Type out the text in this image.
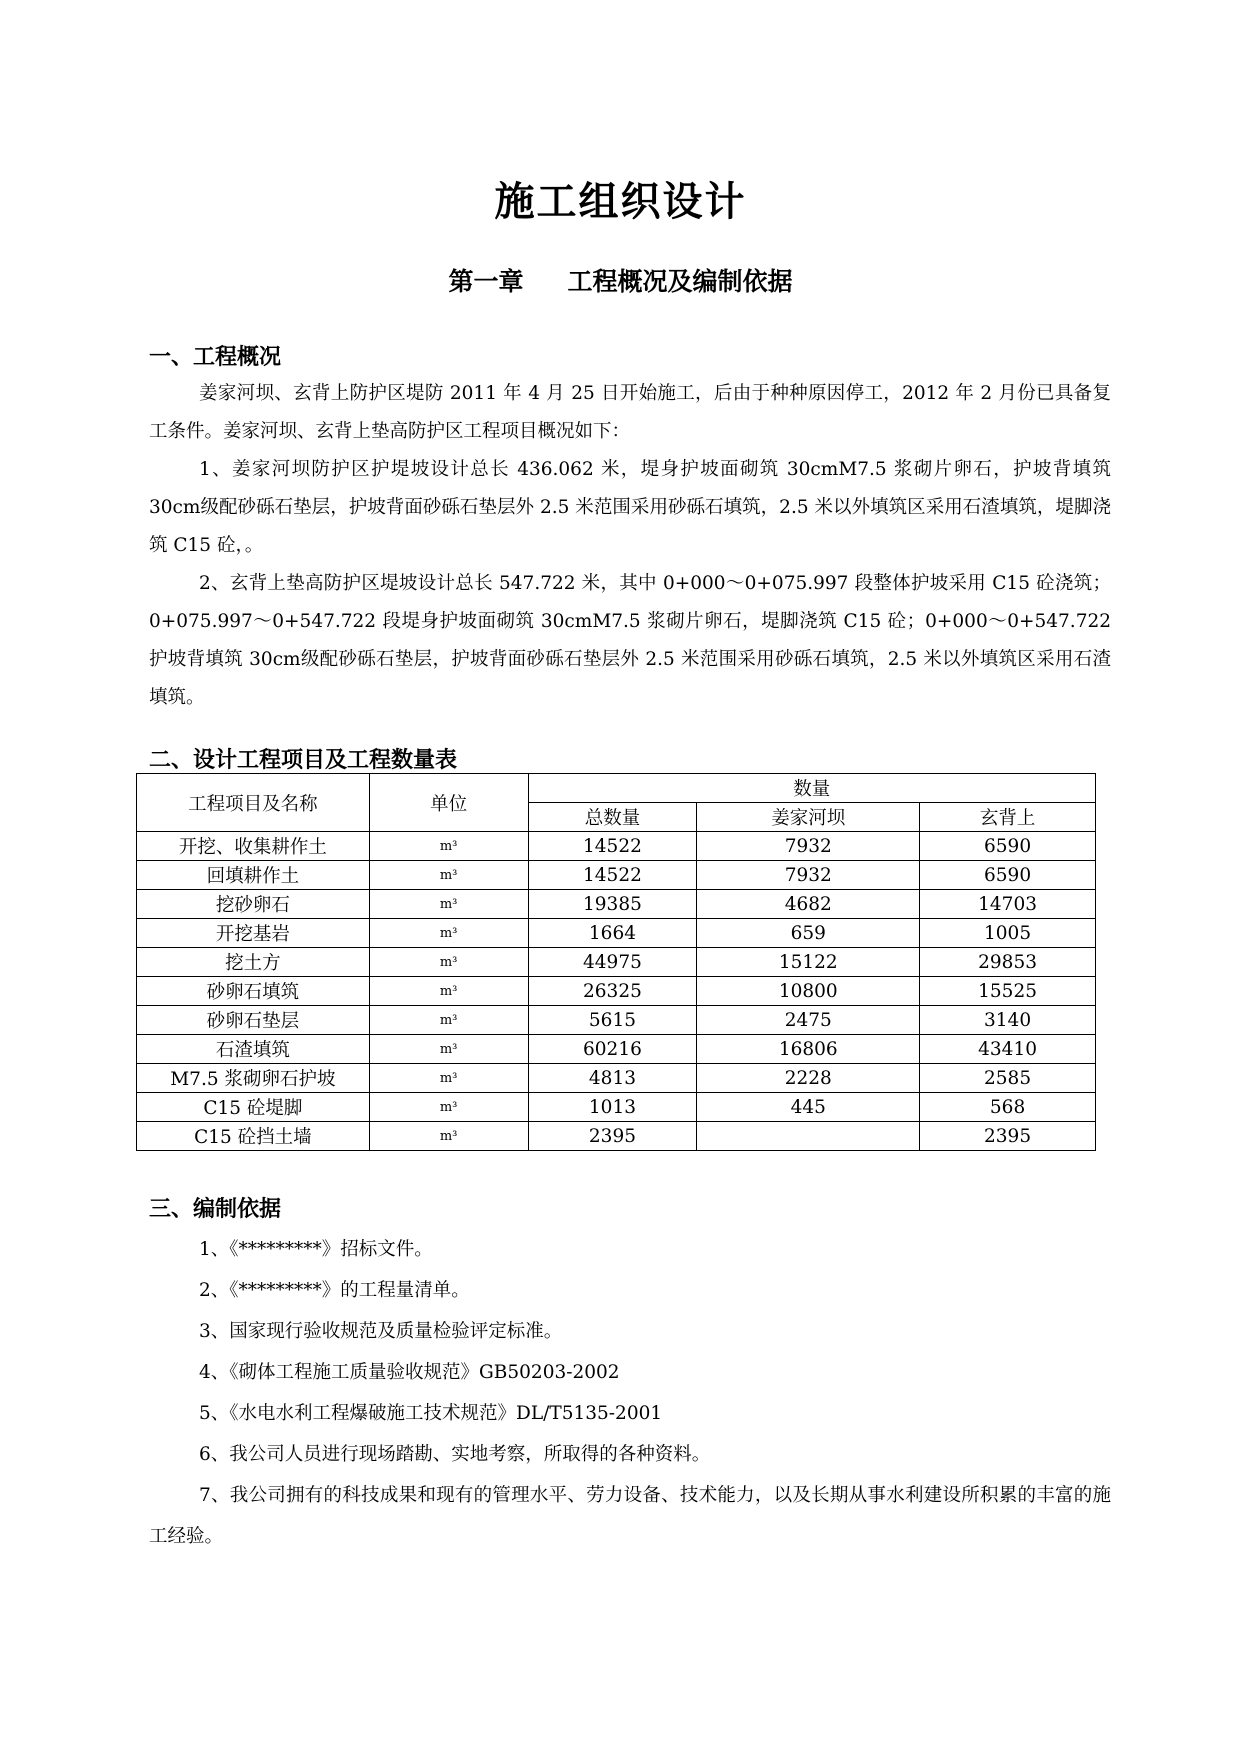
施工组织设计
第一章 工程概况及编制依据
一、工程概况

姜家河坝、玄背上防护区堤防 2011 年 4 月 25 日开始施工，后由于种种原因停工，2012 年 2 月份已具备复工条件。姜家河坝、玄背上垫高防护区工程项目概况如下：

1、姜家河坝防护区护堤坡设计总长 436.062 米，堤身护坡面砌筑 30cmM7.5 浆砌片卵石，护坡背填筑 30cm级配砂砾石垫层，护坡背面砂砾石垫层外 2.5 米范围采用砂砾石填筑，2.5 米以外填筑区采用石渣填筑，堤脚浇筑 C15 砼，。

2、玄背上垫高防护区堤坡设计总长 547.722 米，其中 0+000～0+075.997 段整体护坡采用 C15 砼浇筑；0+075.997～0+547.722 段堤身护坡面砌筑 30cmM7.5 浆砌片卵石，堤脚浇筑 C15 砼；0+000～0+547.722 护坡背填筑 30cm级配砂砾石垫层，护坡背面砂砾石垫层外 2.5 米范围采用砂砾石填筑，2.5 米以外填筑区采用石渣填筑。

二、设计工程项目及工程数量表
工程项目及名称	单位	数量		
		总数量	姜家河坝	玄背上
开挖、收集耕作土	m³	14522	7932	6590
回填耕作土	m³	14522	7932	6590
挖砂卵石	m³	19385	4682	14703
开挖基岩	m³	1664	659	1005
挖土方	m³	44975	15122	29853
砂卵石填筑	m³	26325	10800	15525
砂卵石垫层	m³	5615	2475	3140
石渣填筑	m³	60216	16806	43410
M7.5 浆砌卵石护坡	m³	4813	2228	2585
C15 砼堤脚	m³	1013	445	568
C15 砼挡土墙	m³	2395		2395
三、编制依据
1、《*********》招标文件。
2、《*********》的工程量清单。
3、国家现行验收规范及质量检验评定标准。
4、《砌体工程施工质量验收规范》GB50203-2002
5、《水电水利工程爆破施工技术规范》DL/T5135-2001
6、我公司人员进行现场踏勘、实地考察，所取得的各种资料。

7、我公司拥有的科技成果和现有的管理水平、劳力设备、技术能力，以及长期从事水利建设所积累的丰富的施工经验。
